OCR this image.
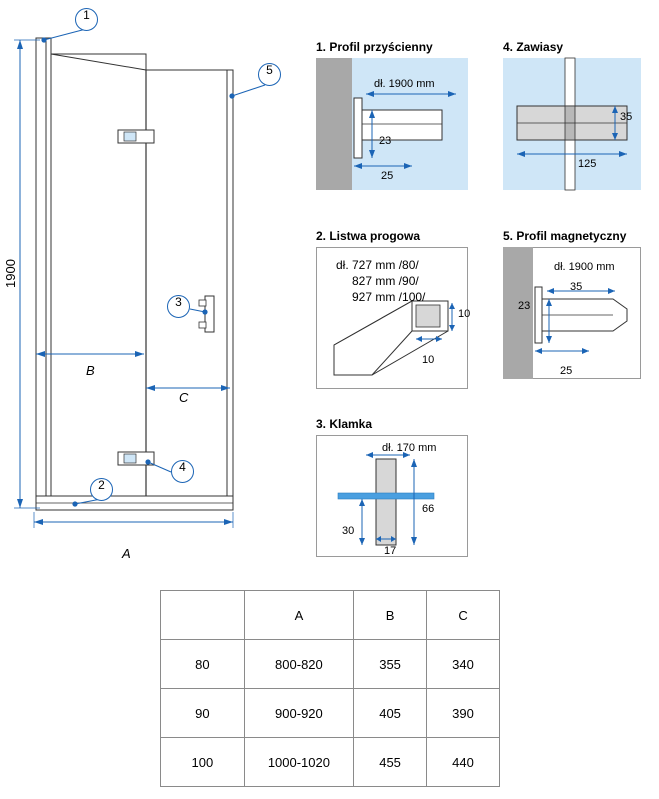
1900
B
C
A
1
2
3
4
5
1. Profil przyścienny
dł. 1900 mm
23
25
4. Zawiasy
35
125
2. Listwa progowa
dł. 727 mm /80/
827 mm /90/
927 mm /100/
10
10
5. Profil magnetyczny
dł. 1900 mm
35
23
25
3. Klamka
dł. 170 mm
66
30
17
	A	B	C
80	800-820	355	340
90	900-920	405	390
100	1000-1020	455	440
